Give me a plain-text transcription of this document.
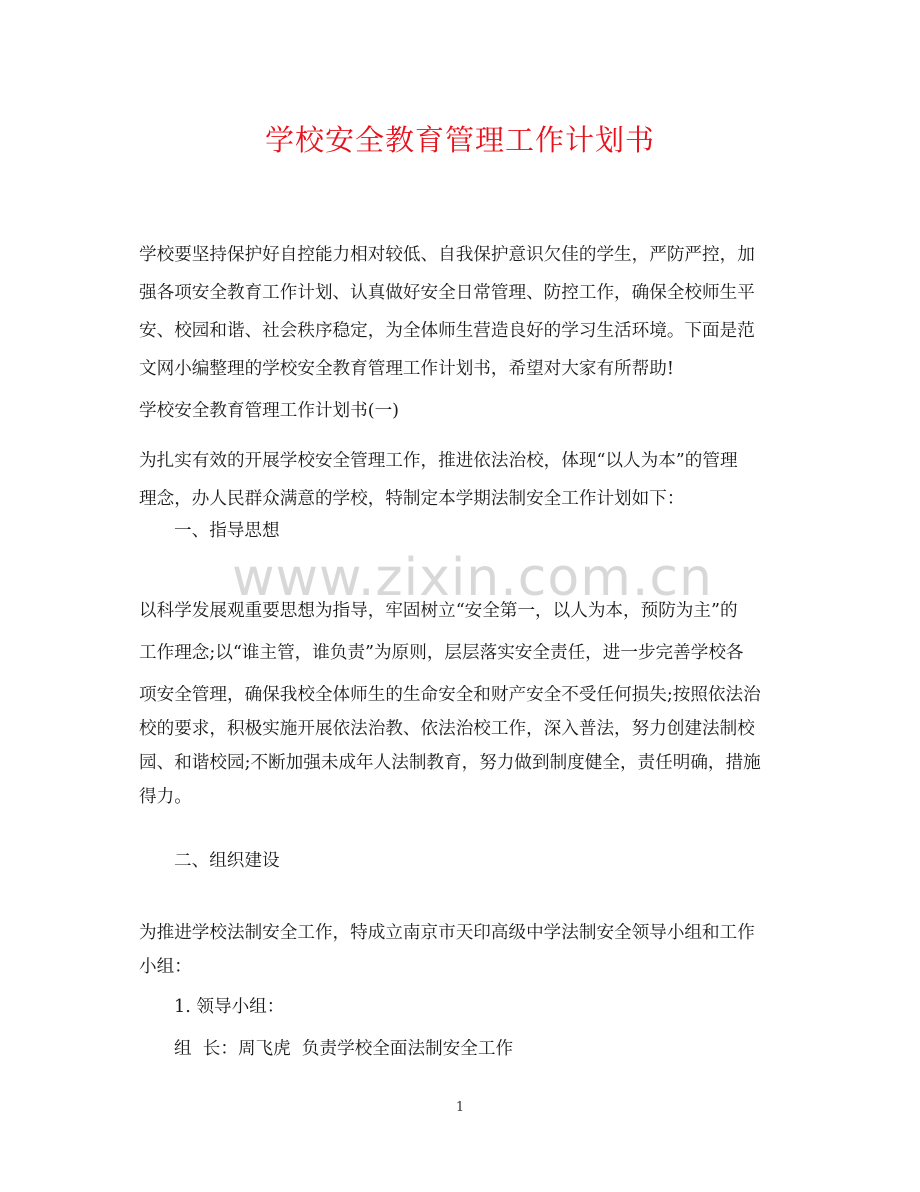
学校安全教育管理工作计划书
www.zixin.com.cn
学校要坚持保护好自控能力相对较低、自我保护意识欠佳的学生，严防严控，加
强各项安全教育工作计划、认真做好安全日常管理、防控工作，确保全校师生平
安、校园和谐、社会秩序稳定，为全体师生营造良好的学习生活环境。下面是范
文网小编整理的学校安全教育管理工作计划书，希望对大家有所帮助!
学校安全教育管理工作计划书(一)
为扎实有效的开展学校安全管理工作，推进依法治校，体现“以人为本”的管理
理念，办人民群众满意的学校，特制定本学期法制安全工作计划如下：
一、指导思想
以科学发展观重要思想为指导，牢固树立“安全第一，以人为本，预防为主”的
工作理念;以“谁主管，谁负责”为原则，层层落实安全责任，进一步完善学校各
项安全管理，确保我校全体师生的生命安全和财产安全不受任何损失;按照依法治
校的要求，积极实施开展依法治教、依法治校工作，深入普法，努力创建法制校
园、和谐校园;不断加强未成年人法制教育，努力做到制度健全，责任明确，措施
得力。
二、组织建设
为推进学校法制安全工作，特成立南京市天印高级中学法制安全领导小组和工作
小组：
1. 领导小组：
组  长：周飞虎  负责学校全面法制安全工作
1
